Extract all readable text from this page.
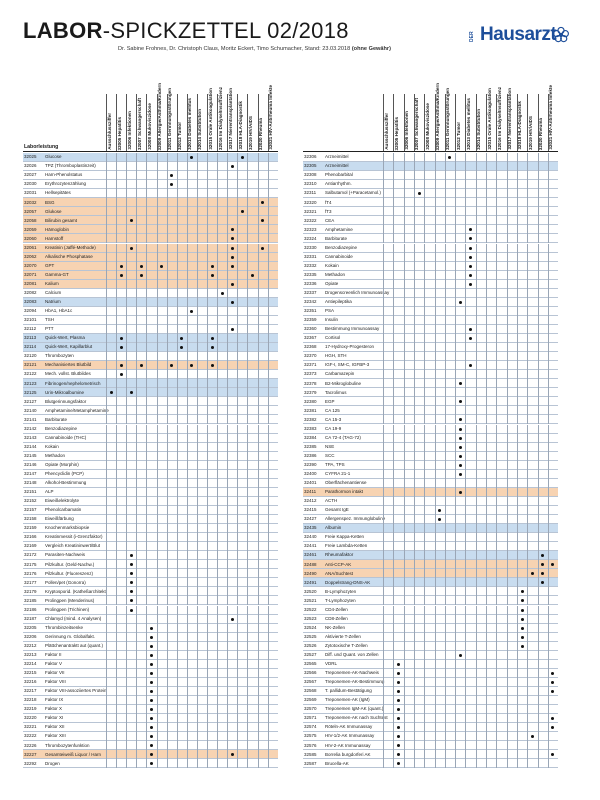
LABOR-SPICKZETTEL 02/2018
Dr. Sabine Frohnes, Dr. Christoph Claus, Moritz Eckert, Timo Schumacher, Stand: 23.03.2018 (ohne Gewähr)
DER Hausarzt
Laborleistung	Ausschlussziffer 32005 Hepatitis 32006 Infektionen 32007 Schwangerschaft 32008 Mukoviszidose 32009 Allergie/Asthma/Kindern 32011 Gerinnungsstörungen 32012 Tumor 32013 Diabetes mellitus 32014 Substitution 32015 Orale Antikoagulation 32016 Im Dialyse/Insuffizienz 32017 Nierentransplantation 32018 HLA-Diagnostik 32019 HIV/AIDS 32020 Rheuma 32021 HIV-Antirheuma Infekte
32025 Glucose
32026 TPZ (Thromboplastinzeit)
32027 Harn-Phenolstatus
32030 Erythrozytenzählung
32031 Hellsepitätes
32032 BSG
32057 Glukose
32058 Bilirubin gesamt
32059 Hämoglobin
32060 Harnstoff
32061 Kreatinin (Jaffé-Methode)
32062 Alkalische Phosphatase
32070 GPT
32071 Gamma-GT
32081 Kalium
32082 Calcium
32083 Natrium
32094 HbA1, HbA1c
32101 TSH
32112 PTT
32113 Quick-Wert, Plasma
32114 Quick-Wert, Kapillarblut
32120 Thrombozyten
32121 Mechanisiertes Blutbild
32122 Mech. vollst. Blutbildes
32123 Fibrinogen/nephelometrisch
32125 Urin-Mikroalbumine
32127 Blutgerinnungsfaktor
32140 Amphetamine/Metamphetamine
32141 Barbiturate
32142 Benzodiazepine
32143 Cannabinoide (THC)
32144 Kokain
32145 Methadon
32146 Opiate (Morphin)
32147 Phencyclidin (PCP)
32148 Alkohol-Bestimmung
32151 ALP
32152 Eiweißelektrolyte
32157 Phenolcarbamatin
32158 Eiweißfärbung
32159 Knochenmarksbiopsie
32166 Kreatinmessit (i-Grenzfaktor)
32169 Vergleich Kreatininwert/Blut
32172 Parasiten-Nachweis
32175 Pilzkultur. (Geld-Nachw.)
32176 Pilzkultur. (Fluoreszenz)
32177 Pollen/pet (Gonorra)
32179 Kryptosporid. (Katheßarchitekt)
32185 Prolingpen (Menderinus)
32186 Prolingpen (Trichinen)
32187 Chlamyd (mind. 4 Analysen)
32205 Thrombinzeitsenke
32206 Gerinnung m. Globalfakt.
32212 Plättchenantraktt aut (quant.)
32213 Faktor II
32214 Faktor V
32215 Faktor VII
32216 Faktor VIII
32217 Faktor VIII-assoziiertes Protein
32218 Faktor IX
32219 Faktor X
32220 Faktor XI
32221 Faktor XII
32222 Faktor XIII
32226 Thrombozytenfunktion
32227 Gesamteiweiß Liquor / Harn
32292 Drogen
Ausschlussziffer 32005 Hepatitis 32006 Infektionen 32007 Schwangerschaft 32008 Mukoviszidose 32009 Allergie/Asthma/Kindern 32011 Gerinnungsstörungen 32012 Tumor 32013 Diabetes mellitus 32014 Substitution 32015 Orale Antikoagulation 32016 Im Dialyse/Insuffizienz 32017 Nierentransplantation 32018 HLA-Diagnostik 32019 HIV/AIDS 32020 Rheuma 32021 HIV-Antirheuma Infekte
32306 Arzneimittel
32305 Arzneimittel
32308 Phenobarbital
32310 Antiarrhythm.
32311 Salbutamol (+Paracetamol.)
32320 fT4
32321 fT3
32322 CEA
32323 Amphetamine
32324 Barbiturate
32330 Benzodiazepine
32331 Cannabinoide
32332 Kokain
32335 Methadon
32336 Opiate
32337 Drogenscreenlich Immunoassay
32342 Antiepileptika
32351 PSA
32359 Insulin
32360 Bestimmung Immunoassay
32367 Cortisol
32368 17-Hydroxy-Progesteron
32370 HGH, STH
32371 IGF-I, SM-C, IGFBP-3
32373 Carbamazepin
32378 B2-Mikroglobuline
32379 Tacrolimus
32380 EGP
32381 CA 125
32382 CA 15-3
32383 CA 19-9
32384 CA 72-4 (TAG-72)
32385 NSE
32386 SCC
32390 TPA, TPS
32400 CYFRA 21-1
32401 Oberflächenantiense
32411 Parathormon intakt
32412 ACTH
32415 Gesamt IgE
32427 Allergenspez. Immunglobuline
32435 Albumin
32440 Freie Kappa-Ketten
32441 Freie Lambda-Ketten
32461 Rheumafaktor
32488 Anti-CCP-AK
32490 ANA/Suchtest
32491 Doppelstrang-DNS-AK
32520 B-Lymphozyten
32521 T-Lymphozyten
32522 CD4-Zellen
32523 CD8-Zellen
32524 NK-Zellen
32525 Aktivierte T-Zellen
32526 Zytotoxische T-Zellen
32527 Diff. und Quant. von Zellen
32565 VDRL
32566 Treponemen-AK-Nachweis
32567 Treponemen-AK-Bestimmung
32568 T. pallidum-Bestätigung
32569 Treponemen-AK (IgM)
32570 Treponemen IgM-AK (quant.)
32571 Treponemen-AK nach Suchtest
32574 Röteln-AK Immunassay
32575 HIV-1/2-AK Immunassay
32576 HIV-2-AK Immunassay
32585 Borrelia burgdorferi AK
32587 Brucella-AK
